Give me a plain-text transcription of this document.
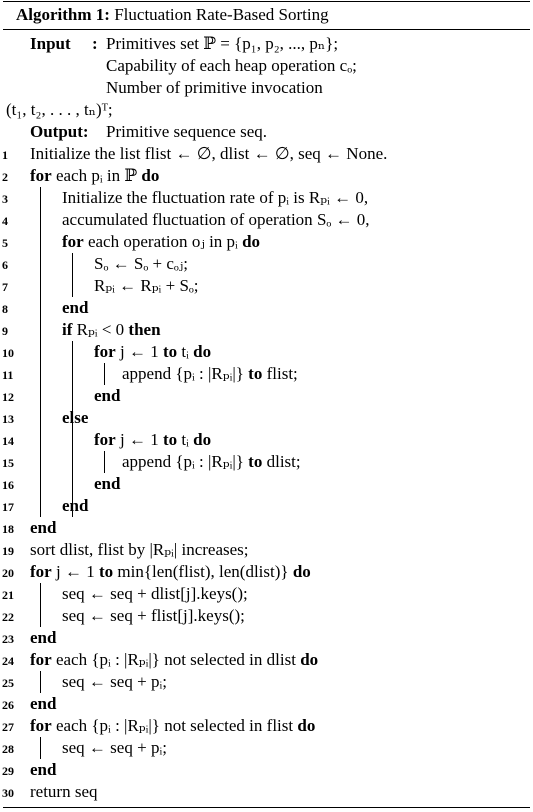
Algorithm 1: Fluctuation Rate-Based Sorting
Input : Primitives set ℙ = {p₁, p₂, ..., pₙ};
Capability of each heap operation cₒ;
Number of primitive invocation
(t₁, t₂, . . . , tₙ)ᵀ;
Output: Primitive sequence seq.
1	Initialize the list flist ← ∅, dlist ← ∅, seq ← None.
2	for each pᵢ in ℙ do
3	Initialize the fluctuation rate of pᵢ is Rₚᵢ ← 0,
4	accumulated fluctuation of operation Sₒ ← 0,
5	for each operation oⱼ in pᵢ do
6	Sₒ ← Sₒ + cₒⱼ;
7	Rₚᵢ ← Rₚᵢ + Sₒ;
8	end
9	if Rₚᵢ < 0 then
10	for j ← 1 to tᵢ do
11	append {pᵢ : |Rₚᵢ|} to flist;
12	end
13	else
14	for j ← 1 to tᵢ do
15	append {pᵢ : |Rₚᵢ|} to dlist;
16	end
17	end
18 end
19 sort dlist, flist by |Rₚᵢ| increases;
20 for j ← 1 to min{len(flist), len(dlist)} do
21	seq ← seq + dlist[j].keys();
22	seq ← seq + flist[j].keys();
23 end
24 for each {pᵢ : |Rₚᵢ|} not selected in dlist do
25	seq ← seq + pᵢ;
26 end
27 for each {pᵢ : |Rₚᵢ|} not selected in flist do
28	seq ← seq + pᵢ;
29 end
30 return seq
